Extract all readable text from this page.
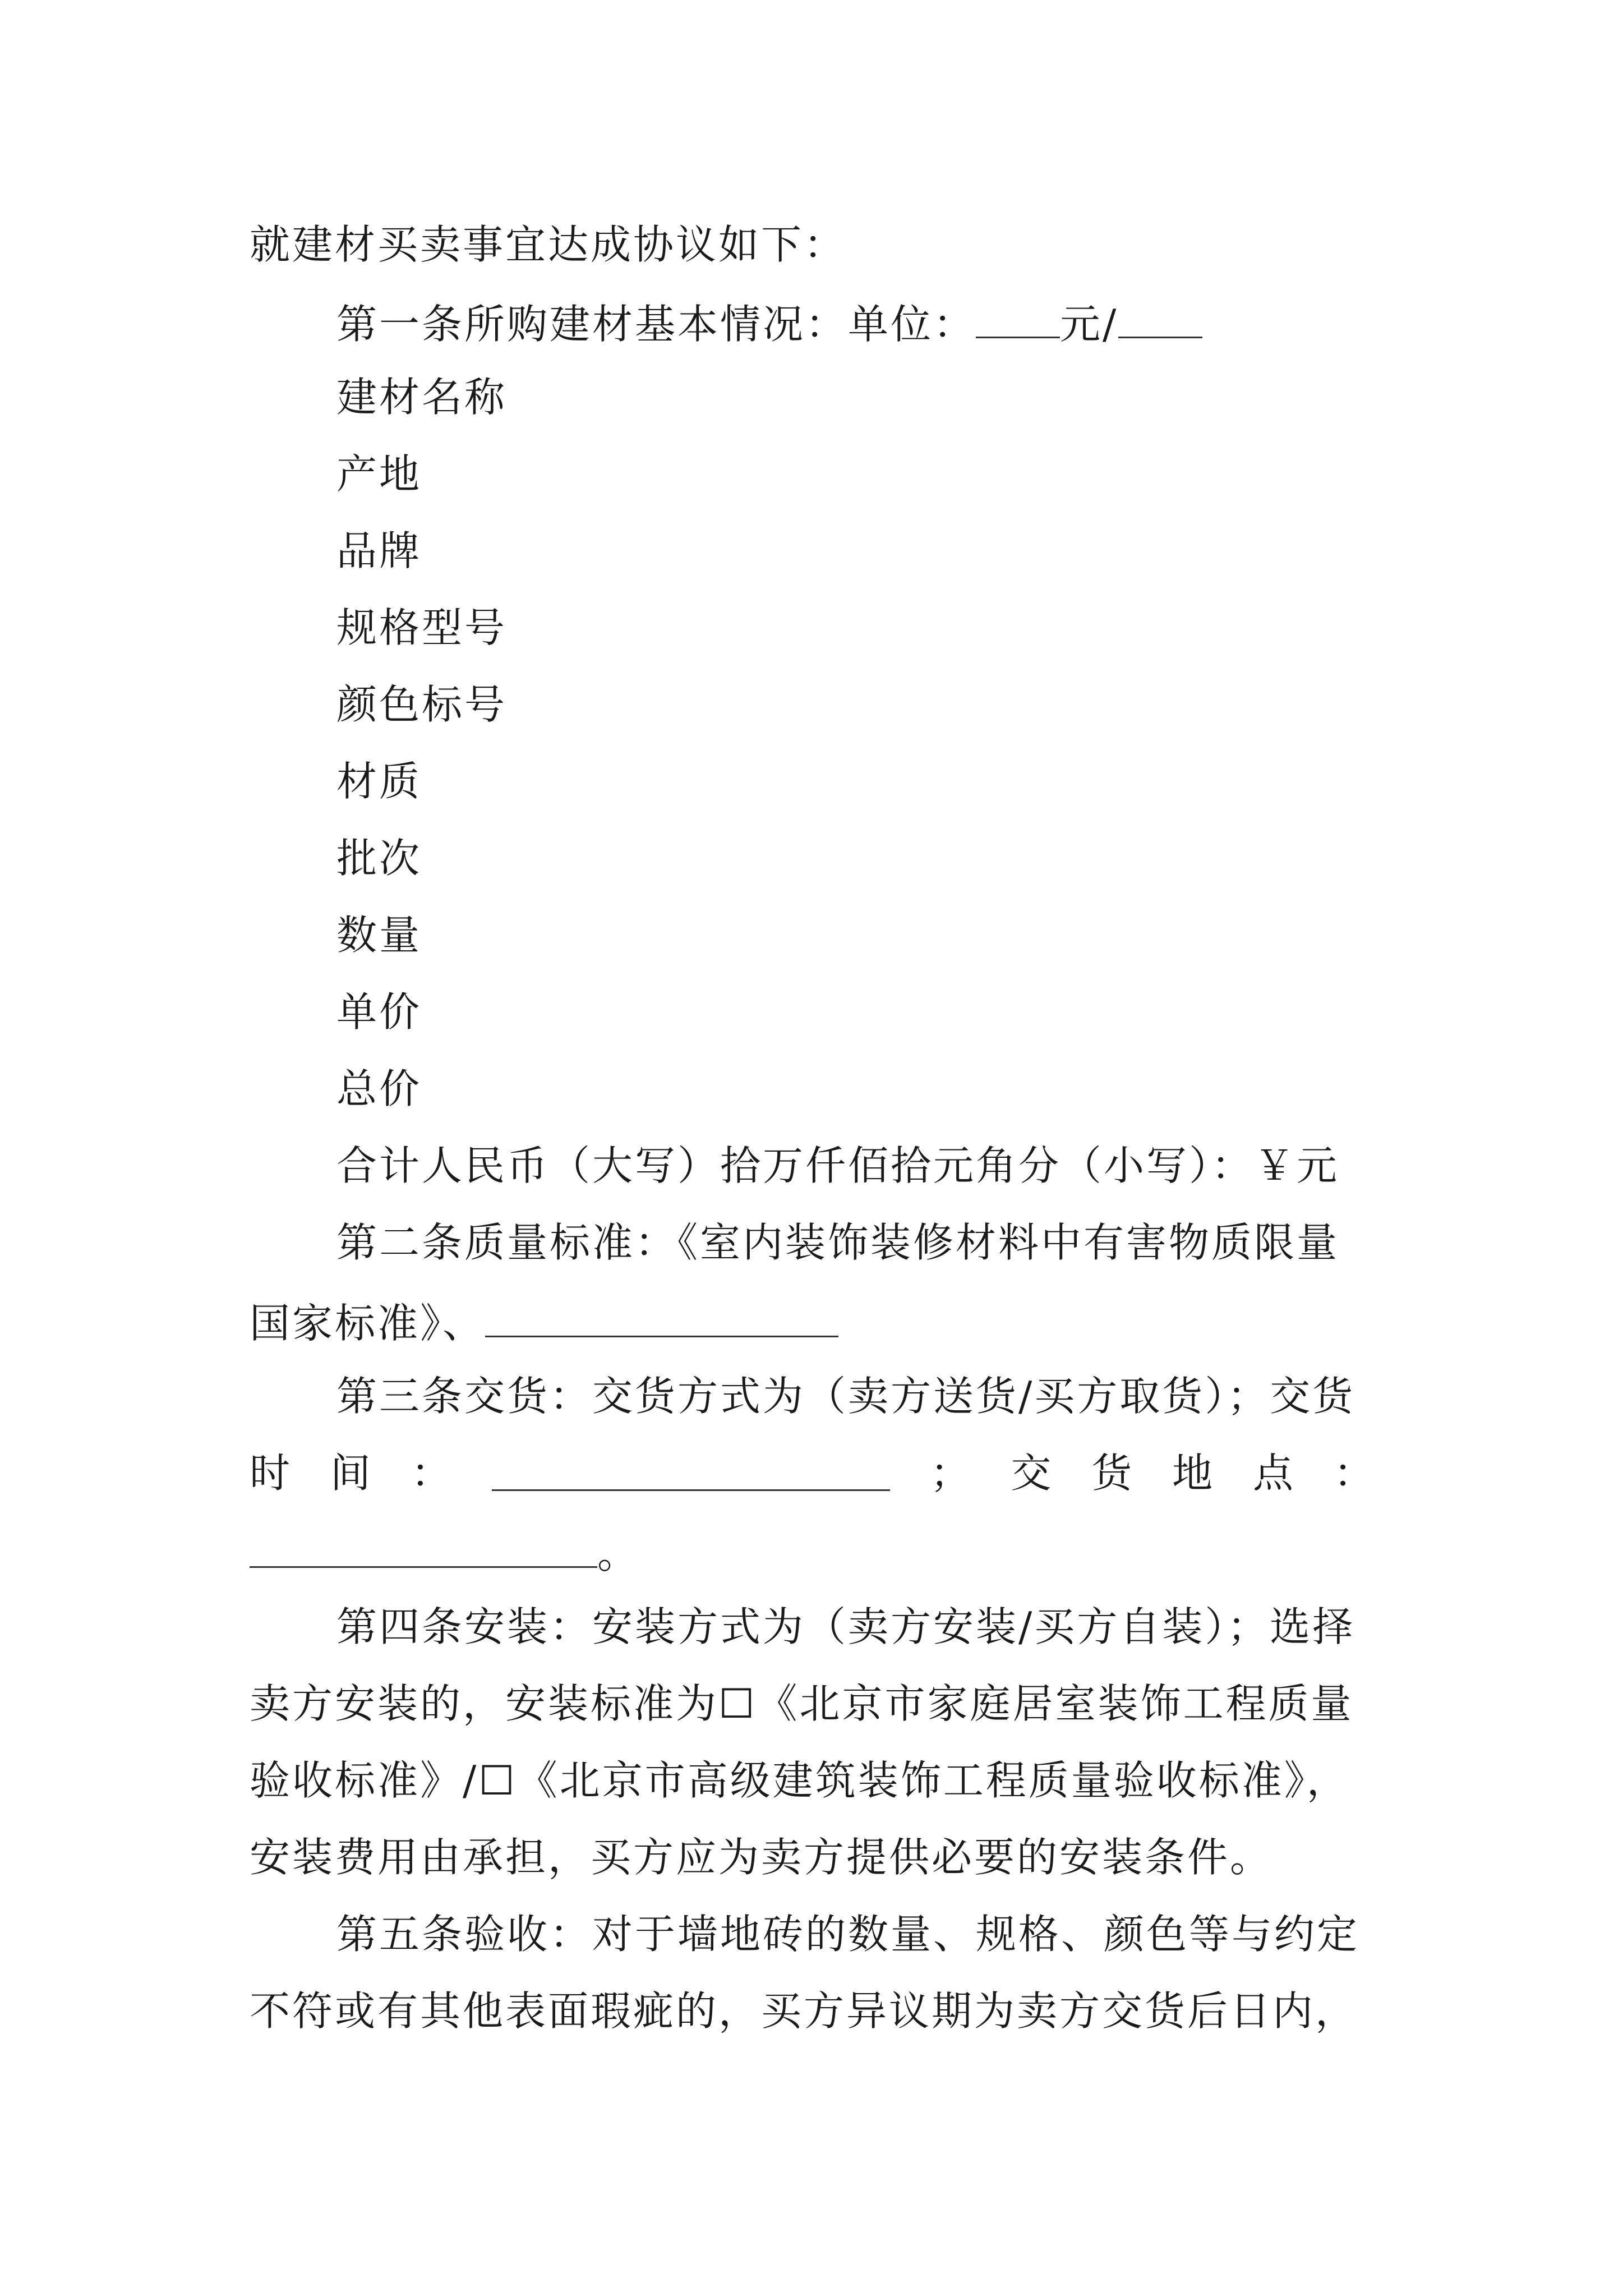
就建材买卖事宜达成协议如下：
第一条所购建材基本情况：单位： 元/
建材名称
产地
品牌
规格型号
颜色标号
材质
批次
数量
单价
总价
合计人民币（大写）拾万仟佰拾元角分（小写）：￥元
第二条质量标准：《室内装饰装修材料中有害物质限量
国家标准》、
第三条交货：交货方式为（卖方送货/买方取货）；交货
时 间 ：	； 交 货 地 点 ：
。
第四条安装：安装方式为（卖方安装/买方自装）；选择
卖方安装的，安装标准为☐《北京市家庭居室装饰工程质量
验收标准》/☐《北京市高级建筑装饰工程质量验收标准》，
安装费用由承担，买方应为卖方提供必要的安装条件。
第五条验收：对于墙地砖的数量、规格、颜色等与约定
不符或有其他表面瑕疵的，买方异议期为卖方交货后日内，
